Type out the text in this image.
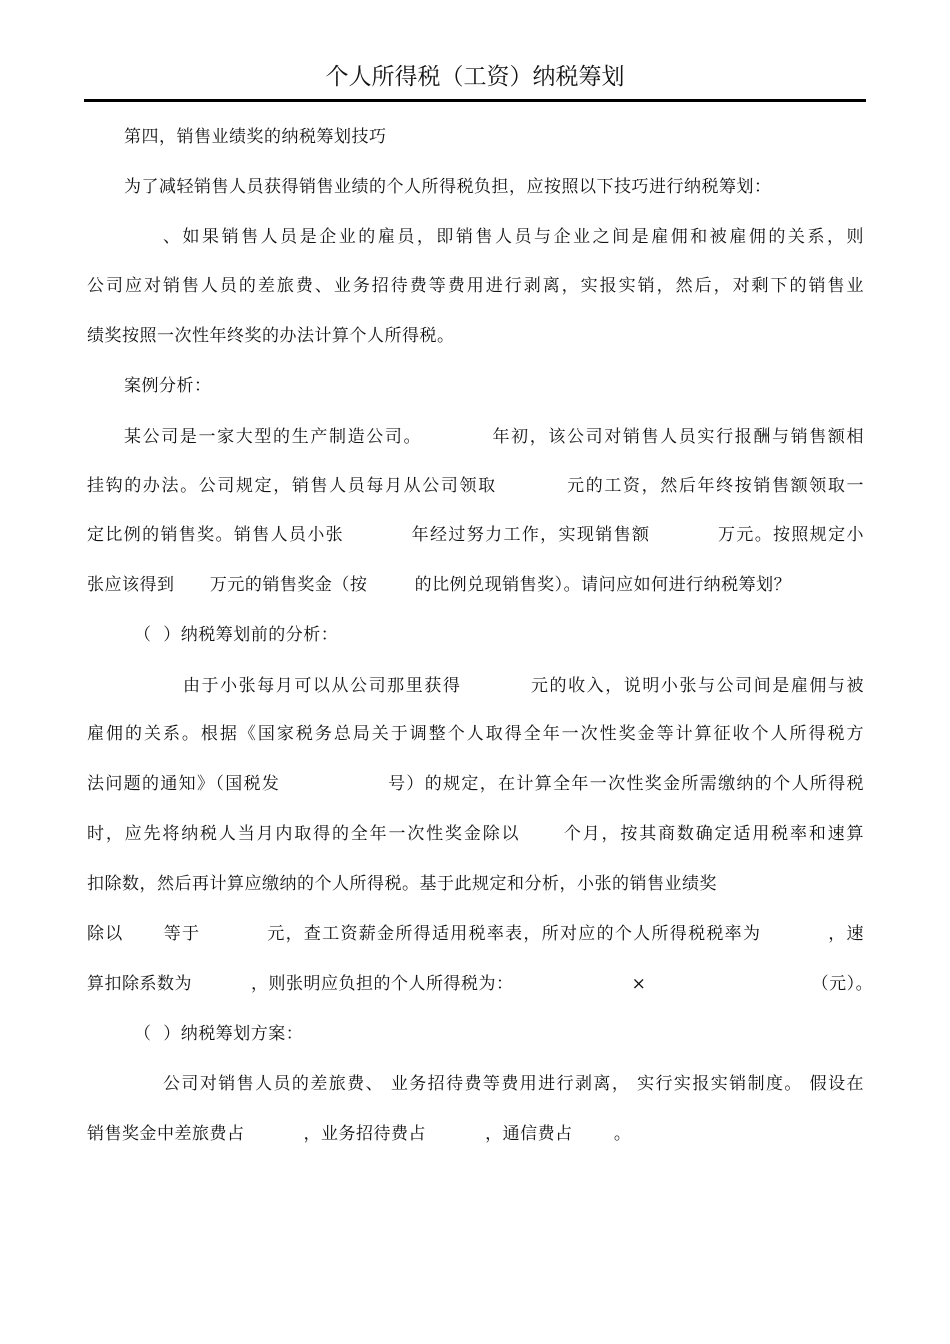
个人所得税（工资）纳税筹划
第四，销售业绩奖的纳税筹划技巧
为了减轻销售人员获得销售业绩的个人所得税负担，应按照以下技巧进行纳税筹划：
、如果销售人员是企业的雇员，即销售人员与企业之间是雇佣和被雇佣的关系，则
公司应对销售人员的差旅费、业务招待费等费用进行剥离，实报实销，然后，对剩下的销售业
绩奖按照一次性年终奖的办法计算个人所得税。
案例分析：
某公司是一家大型的生产制造公司。          年初，该公司对销售人员实行报酬与销售额相
挂钩的办法。公司规定，销售人员每月从公司领取          元的工资，然后年终按销售额领取一
定比例的销售奖。销售人员小张          年经过努力工作，实现销售额          万元。按照规定小
张应该得到      万元的销售奖金（按        的比例兑现销售奖）。请问应如何进行纳税筹划？
（  ）纳税筹划前的分析：
由于小张每月可以从公司那里获得          元的收入，说明小张与公司间是雇佣与被
雇佣的关系。根据《国家税务总局关于调整个人取得全年一次性奖金等计算征收个人所得税方
法问题的通知》（国税发                号）的规定，在计算全年一次性奖金所需缴纳的个人所得税
时，应先将纳税人当月内取得的全年一次性奖金除以      个月，按其商数确定适用税率和速算
扣除数，然后再计算应缴纳的个人所得税。基于此规定和分析，小张的销售业绩奖
除以      等于          元，查工资薪金所得适用税率表，所对应的个人所得税税率为          ，速
算扣除系数为          ，则张明应负担的个人所得税为：                    ×                            （元）。
（  ）纳税筹划方案：
公司对销售人员的差旅费、 业务招待费等费用进行剥离， 实行实报实销制度。 假设在
销售奖金中差旅费占          ，业务招待费占          ，通信费占       。
